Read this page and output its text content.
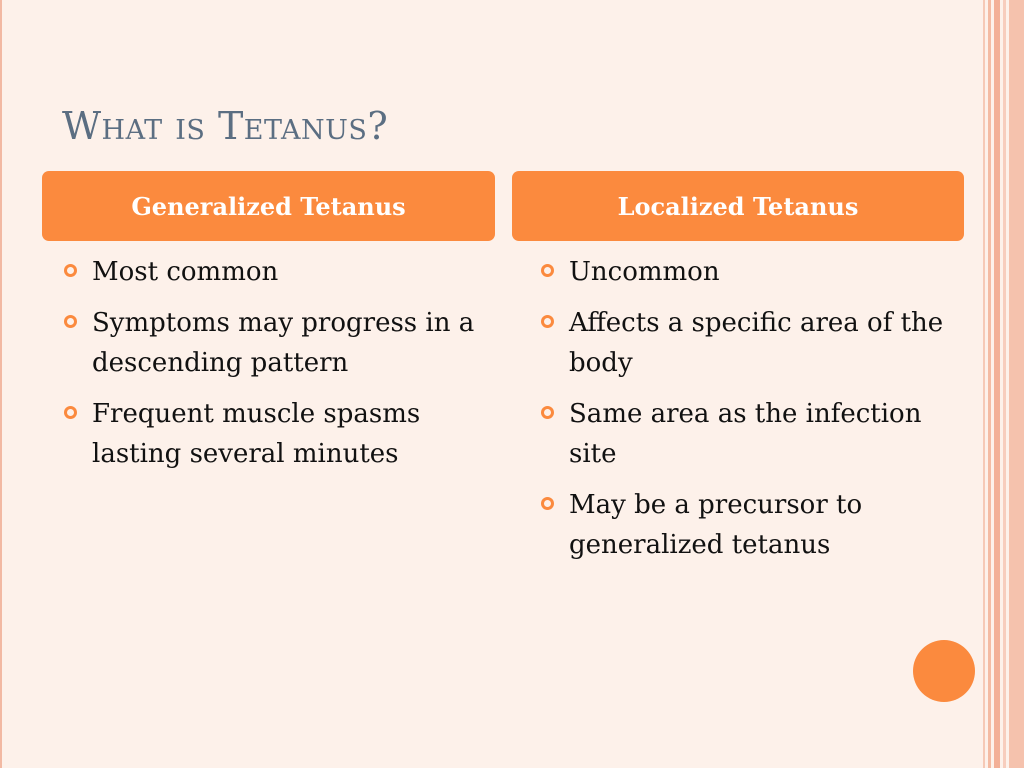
What is Tetanus?
Generalized Tetanus	Localized Tetanus
Most common
Symptoms may progress in a descending pattern
Frequent muscle spasms lasting several minutes
Uncommon
Affects a specific area of the body
Same area as the infection site
May be a precursor to generalized tetanus
